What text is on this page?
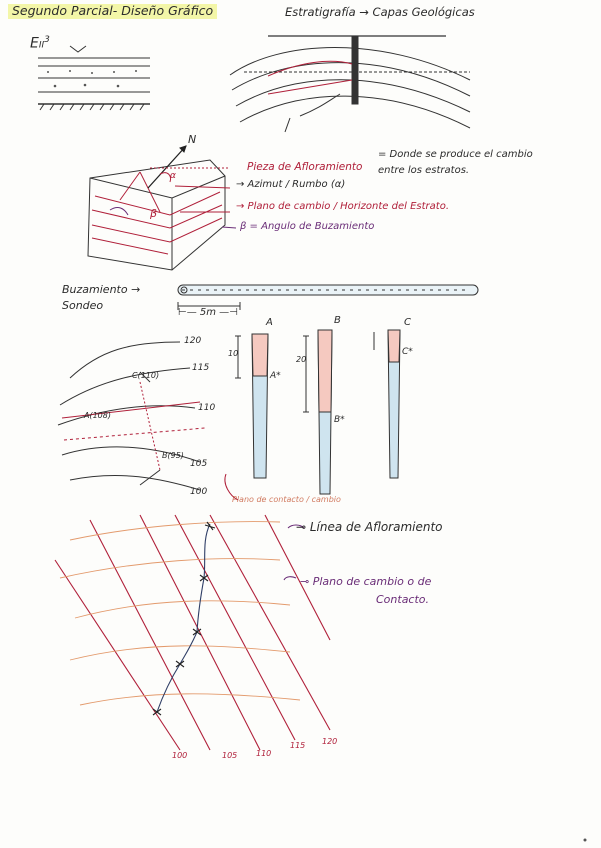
Segundo Parcial- Diseño Gráfico	Estratigrafía → Capas Geológicas
EII$^3$
N
β
α
Pieza de Afloramiento
= Donde se produce el cambio
entre los estratos.
→ Azimut / Rumbo (α)
→ Plano de cambio / Horizonte del Estrato.
β = Angulo de Buzamiento
Buzamiento →
Sondeo
⊢— 5m —⊣
120
115
110
105
100
C(110)
A(108)
B(95)
A	B	C
10
20
A*
B*
C*
Plano de contacto / cambio
⊸ Línea de Afloramiento
⊸ Plano de cambio o de
Contacto.
100	105 110
115 120
